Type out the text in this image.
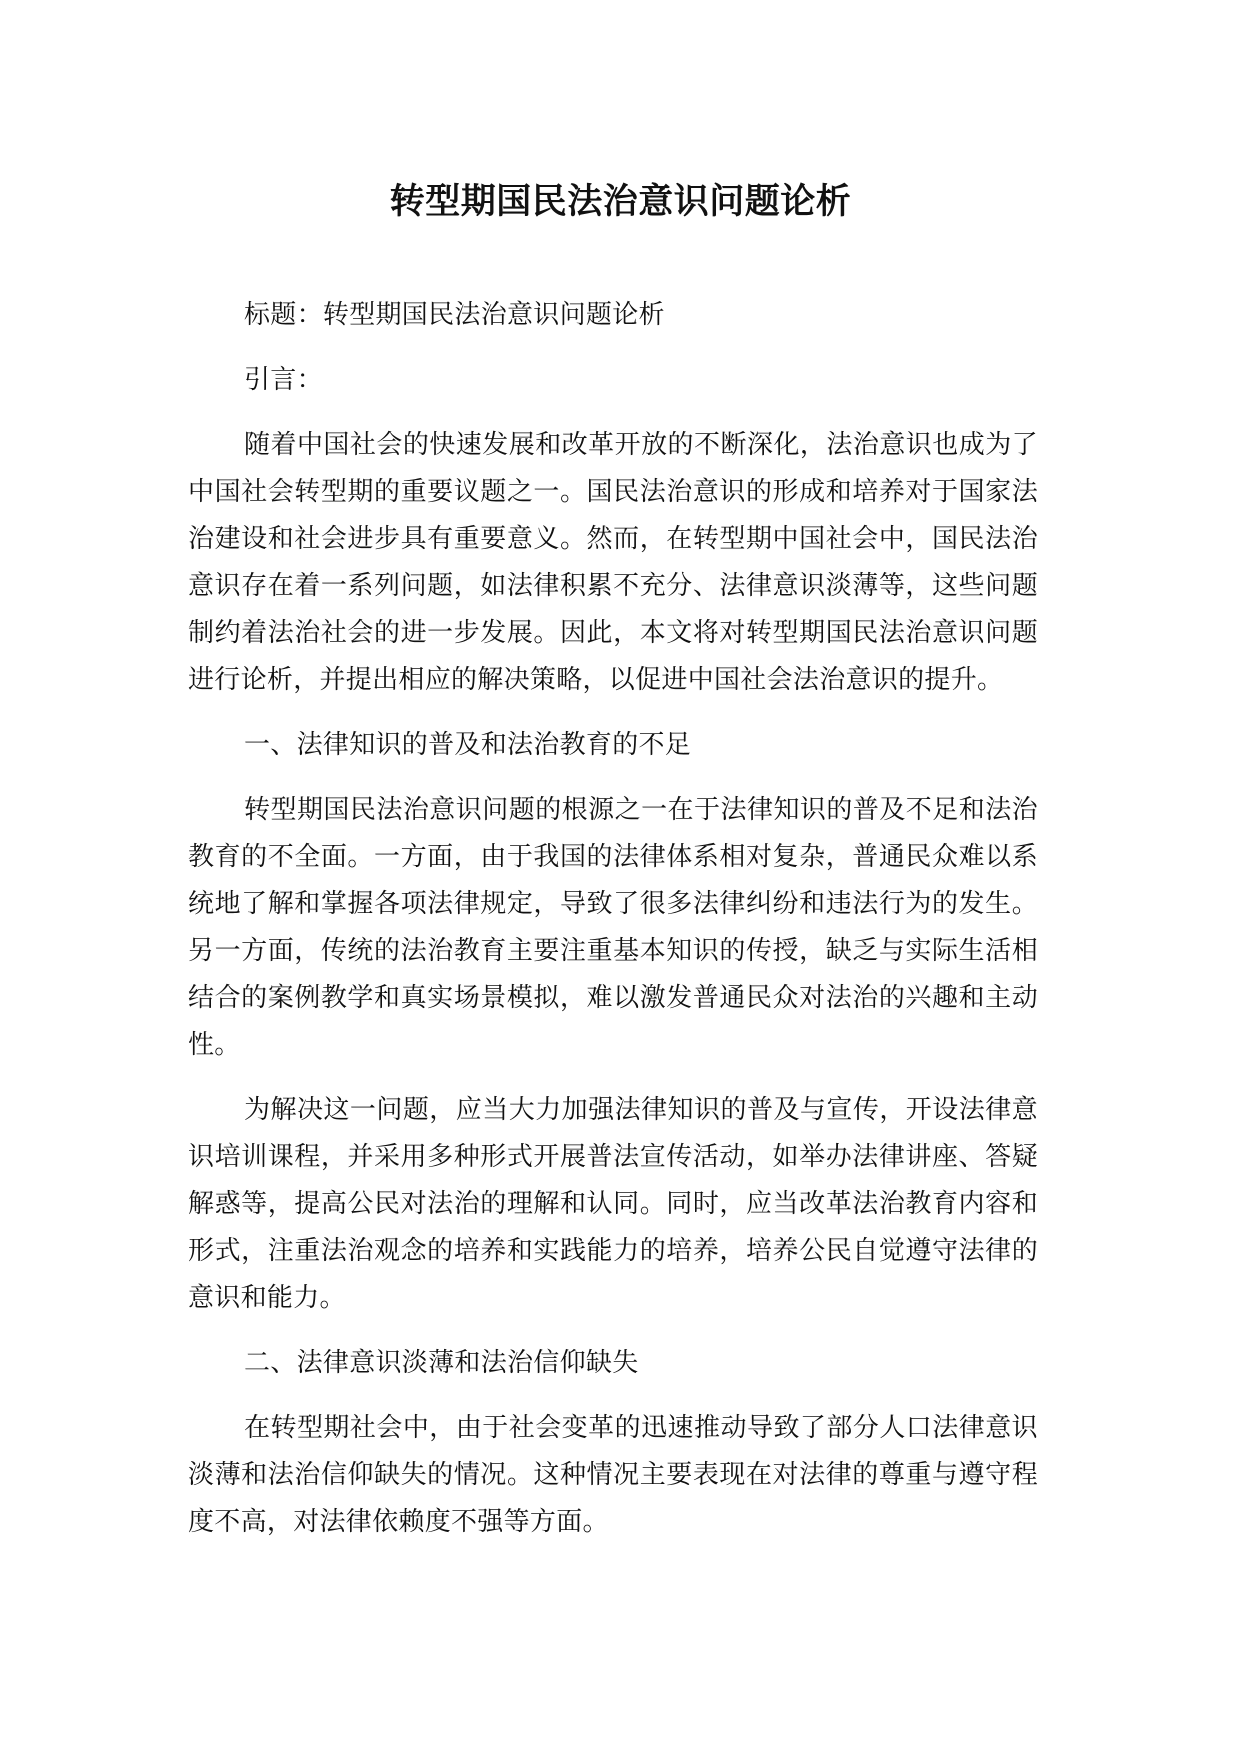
转型期国民法治意识问题论析

标题：转型期国民法治意识问题论析

引言：

随着中国社会的快速发展和改革开放的不断深化，法治意识也成为了中国社会转型期的重要议题之一。国民法治意识的形成和培养对于国家法治建设和社会进步具有重要意义。然而，在转型期中国社会中，国民法治意识存在着一系列问题，如法律积累不充分、法律意识淡薄等，这些问题制约着法治社会的进一步发展。因此，本文将对转型期国民法治意识问题进行论析，并提出相应的解决策略，以促进中国社会法治意识的提升。

一、法律知识的普及和法治教育的不足

转型期国民法治意识问题的根源之一在于法律知识的普及不足和法治教育的不全面。一方面，由于我国的法律体系相对复杂，普通民众难以系统地了解和掌握各项法律规定，导致了很多法律纠纷和违法行为的发生。另一方面，传统的法治教育主要注重基本知识的传授，缺乏与实际生活相结合的案例教学和真实场景模拟，难以激发普通民众对法治的兴趣和主动性。

为解决这一问题，应当大力加强法律知识的普及与宣传，开设法律意识培训课程，并采用多种形式开展普法宣传活动，如举办法律讲座、答疑解惑等，提高公民对法治的理解和认同。同时，应当改革法治教育内容和形式，注重法治观念的培养和实践能力的培养，培养公民自觉遵守法律的意识和能力。

二、法律意识淡薄和法治信仰缺失

在转型期社会中，由于社会变革的迅速推动导致了部分人口法律意识淡薄和法治信仰缺失的情况。这种情况主要表现在对法律的尊重与遵守程度不高，对法律依赖度不强等方面。
